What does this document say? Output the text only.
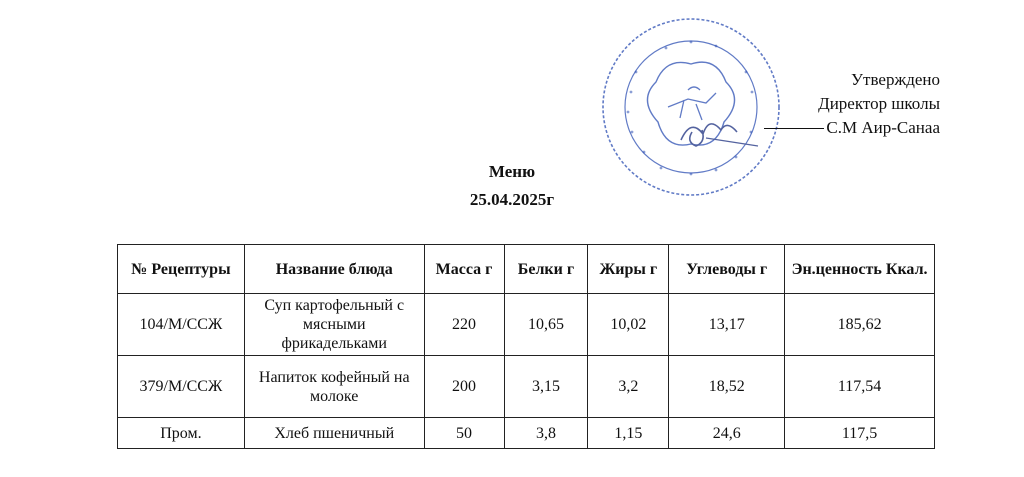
Утверждено
Директор школы
С.М Аир-Санаа
Меню
25.04.2025г
№ Рецептуры	Название блюда	Масса г	Белки г	Жиры г	Углеводы г	Эн.ценность Ккал.
104/М/ССЖ	Суп картофельный с мясными фрикадельками	220	10,65	10,02	13,17	185,62
379/М/ССЖ	Напиток кофейный на молоке	200	3,15	3,2	18,52	117,54
Пром.	Хлеб пшеничный	50	3,8	1,15	24,6	117,5
